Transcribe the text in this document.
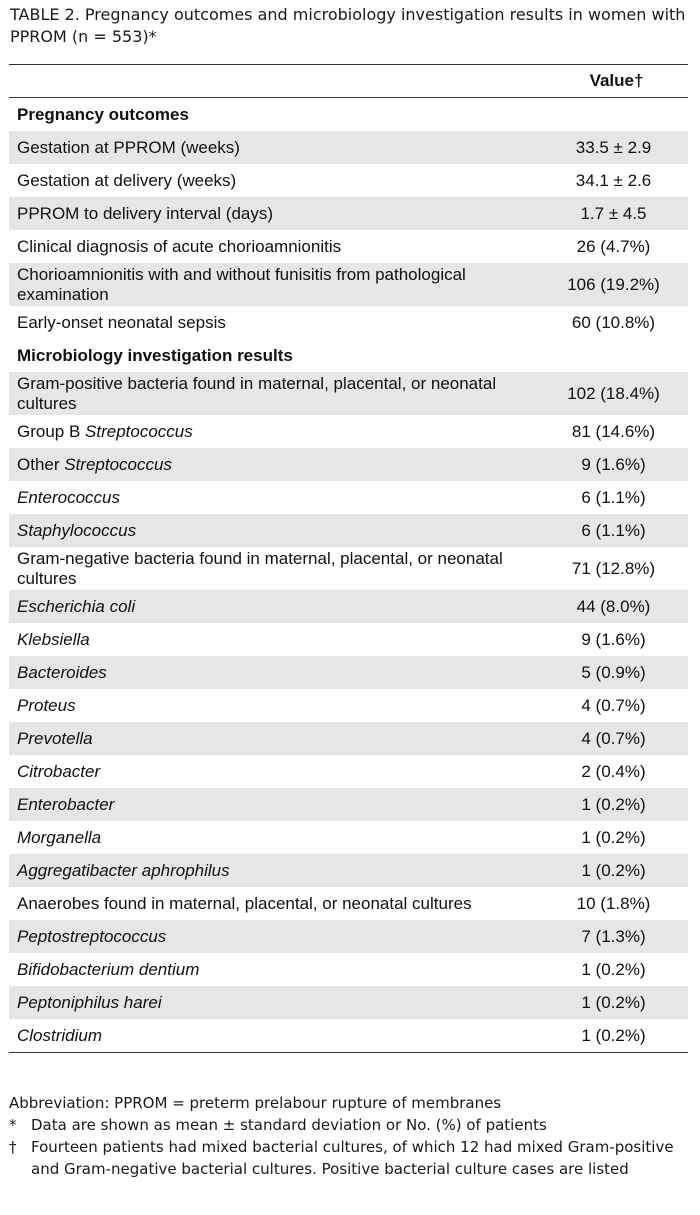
TABLE 2. Pregnancy outcomes and microbiology investigation results in women with PPROM (n = 553)*
	Value†
Pregnancy outcomes	
Gestation at PPROM (weeks)	33.5 ± 2.9
Gestation at delivery (weeks)	34.1 ± 2.6
PPROM to delivery interval (days)	1.7 ± 4.5
Clinical diagnosis of acute chorioamnionitis	26 (4.7%)
Chorioamnionitis with and without funisitis from pathological examination	106 (19.2%)
Early-onset neonatal sepsis	60 (10.8%)
Microbiology investigation results	
Gram-positive bacteria found in maternal, placental, or neonatal cultures	102 (18.4%)
Group B Streptococcus	81 (14.6%)
Other Streptococcus	9 (1.6%)
Enterococcus	6 (1.1%)
Staphylococcus	6 (1.1%)
Gram-negative bacteria found in maternal, placental, or neonatal cultures	71 (12.8%)
Escherichia coli	44 (8.0%)
Klebsiella	9 (1.6%)
Bacteroides	5 (0.9%)
Proteus	4 (0.7%)
Prevotella	4 (0.7%)
Citrobacter	2 (0.4%)
Enterobacter	1 (0.2%)
Morganella	1 (0.2%)
Aggregatibacter aphrophilus	1 (0.2%)
Anaerobes found in maternal, placental, or neonatal cultures	10 (1.8%)
Peptostreptococcus	7 (1.3%)
Bifidobacterium dentium	1 (0.2%)
Peptoniphilus harei	1 (0.2%)
Clostridium	1 (0.2%)
Abbreviation: PPROM = preterm prelabour rupture of membranes
* Data are shown as mean ± standard deviation or No. (%) of patients
† Fourteen patients had mixed bacterial cultures, of which 12 had mixed Gram-positive and Gram-negative bacterial cultures. Positive bacterial culture cases are listed
